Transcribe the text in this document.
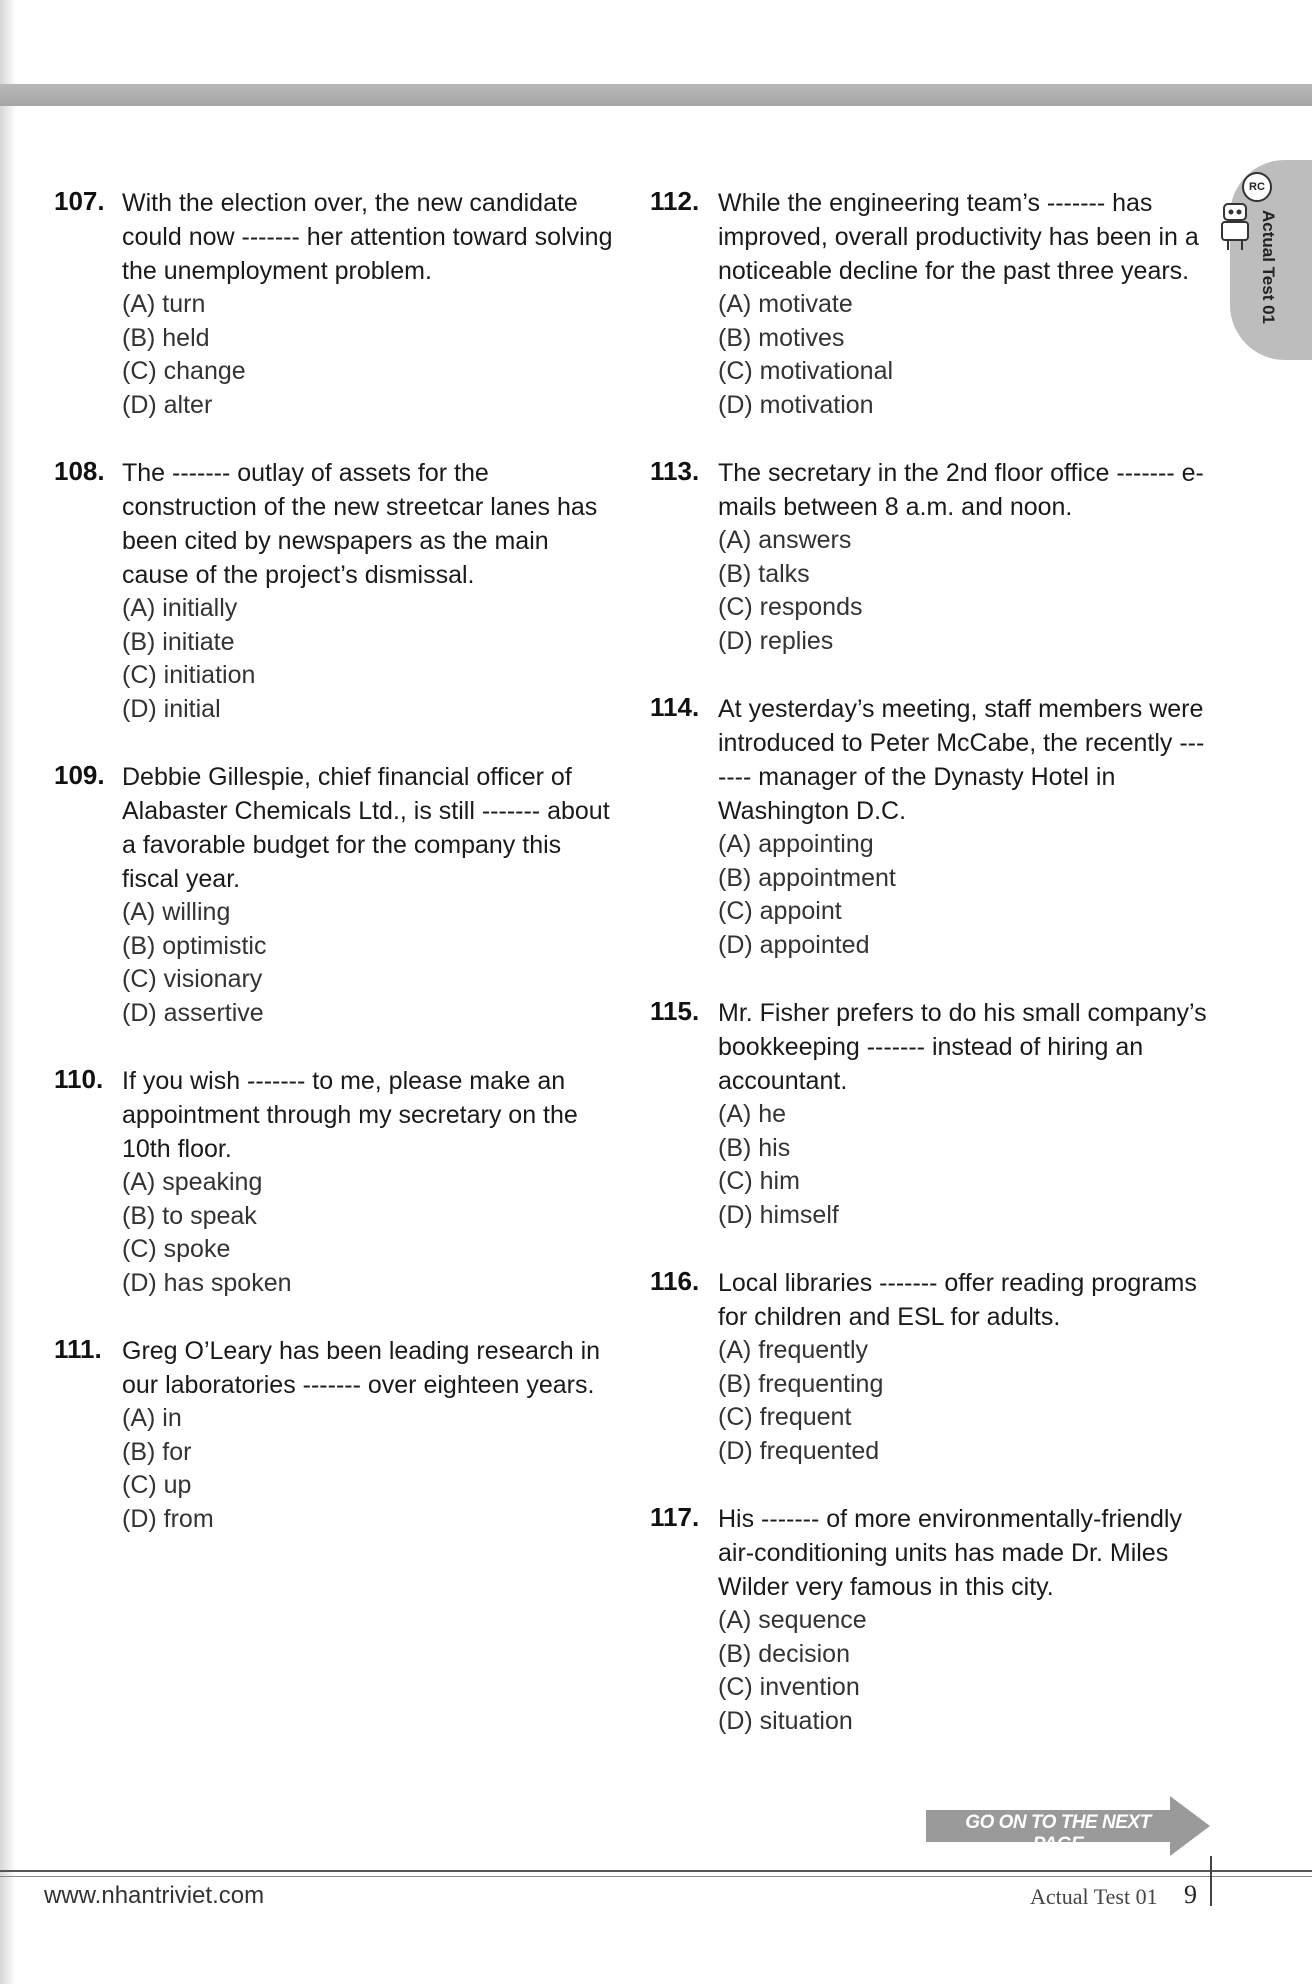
RC
Actual Test 01
107. With the election over, the new candidate could now ------- her attention toward solving the unemployment problem.
(A) turn
(B) held
(C) change
(D) alter
108. The ------- outlay of assets for the construction of the new streetcar lanes has been cited by newspapers as the main cause of the project’s dismissal.
(A) initially
(B) initiate
(C) initiation
(D) initial
109. Debbie Gillespie, chief financial officer of Alabaster Chemicals Ltd., is still ------- about a favorable budget for the company this fiscal year.
(A) willing
(B) optimistic
(C) visionary
(D) assertive
110. If you wish ------- to me, please make an appointment through my secretary on the 10th floor.
(A) speaking
(B) to speak
(C) spoke
(D) has spoken
111. Greg O’Leary has been leading research in our laboratories ------- over eighteen years.
(A) in
(B) for
(C) up
(D) from
112. While the engineering team’s ------- has improved, overall productivity has been in a noticeable decline for the past three years.
(A) motivate
(B) motives
(C) motivational
(D) motivation
113. The secretary in the 2nd floor office ------- e-mails between 8 a.m. and noon.
(A) answers
(B) talks
(C) responds
(D) replies
114. At yesterday’s meeting, staff members were introduced to Peter McCabe, the recently ------- manager of the Dynasty Hotel in Washington D.C.
(A) appointing
(B) appointment
(C) appoint
(D) appointed
115. Mr. Fisher prefers to do his small company’s bookkeeping ------- instead of hiring an accountant.
(A) he
(B) his
(C) him
(D) himself
116. Local libraries ------- offer reading programs for children and ESL for adults.
(A) frequently
(B) frequenting
(C) frequent
(D) frequented
117. His ------- of more environmentally-friendly air-conditioning units has made Dr. Miles Wilder very famous in this city.
(A) sequence
(B) decision
(C) invention
(D) situation
GO ON TO THE NEXT PAGE
www.nhantriviet.com	Actual Test 01 9
